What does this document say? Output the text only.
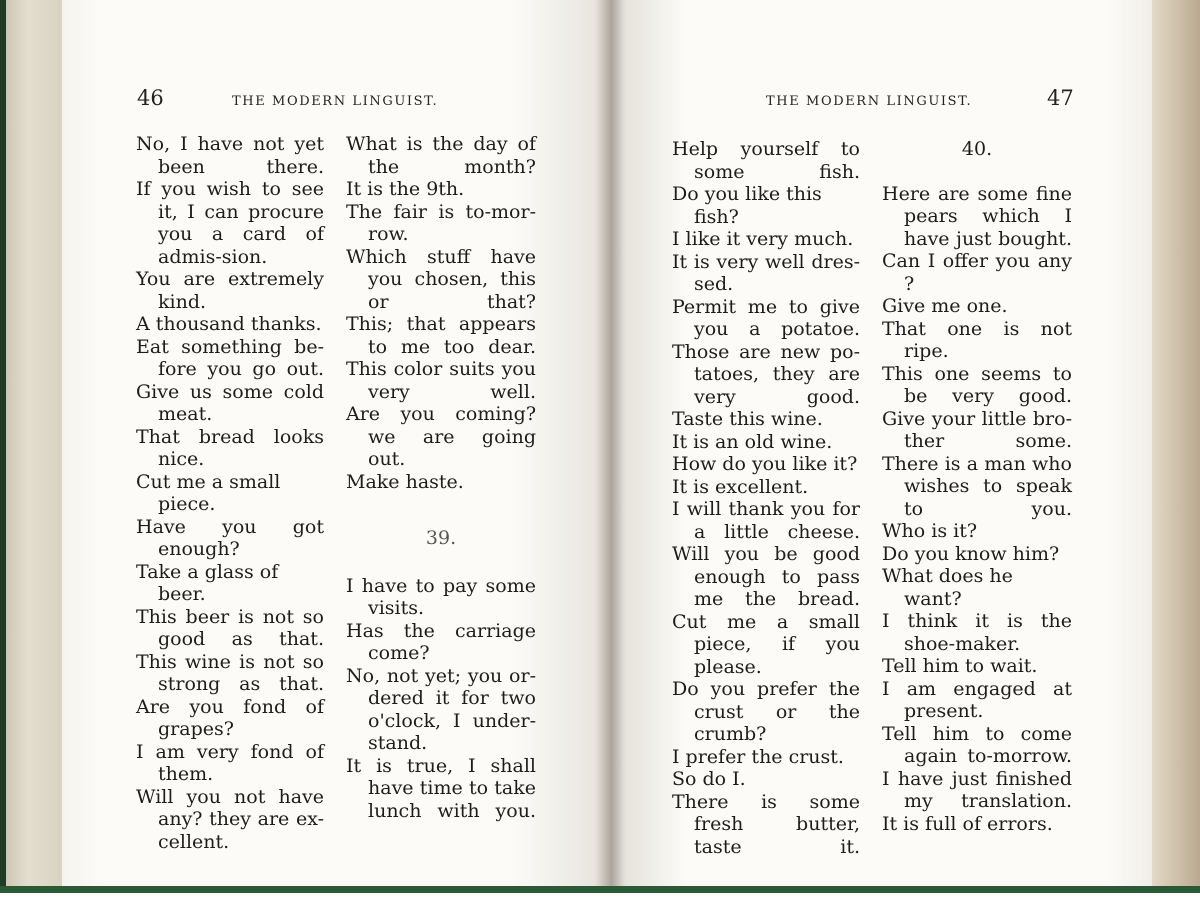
46	THE MODERN LINGUIST.	THE MODERN LINGUIST.	47

No, I have not yet been there.

If you wish to see it, I can procure you a card of admis-sion.

You are extremely kind.

A thousand thanks.

Eat something be-fore you go out.

Give us some cold meat.

That bread looks nice.

Cut me a small piece.

Have you got enough?

Take a glass of beer.

This beer is not so good as that.

This wine is not so strong as that.

Are you fond of grapes?

I am very fond of them.

Will you not have any? they are ex-cellent.

What is the day of the month?

It is the 9th.

The fair is to-mor-row.

Which stuff have you chosen, this or that?

This; that appears to me too dear.

This color suits you very well.

Are you coming? we are going out.

Make haste.

39.

I have to pay some visits.

Has the carriage come?

No, not yet; you or-dered it for two o'clock, I under-stand.

It is true, I shall have time to take lunch with you.

Help yourself to some fish.

Do you like this fish?

I like it very much.

It is very well dres-sed.

Permit me to give you a potatoe.

Those are new po-tatoes, they are very good.

Taste this wine.

It is an old wine.

How do you like it?

It is excellent.

I will thank you for a little cheese.

Will you be good enough to pass me the bread.

Cut me a small piece, if you please.

Do you prefer the crust or the crumb?

I prefer the crust.

So do I.

There is some fresh butter, taste it.

40.

Here are some fine pears which I have just bought.

Can I offer you any ?

Give me one.

That one is not ripe.

This one seems to be very good.

Give your little bro-ther some.

There is a man who wishes to speak to you.

Who is it?

Do you know him?

What does he want?

I think it is the shoe-maker.

Tell him to wait.

I am engaged at present.

Tell him to come again to-morrow.

I have just finished my translation.

It is full of errors.
